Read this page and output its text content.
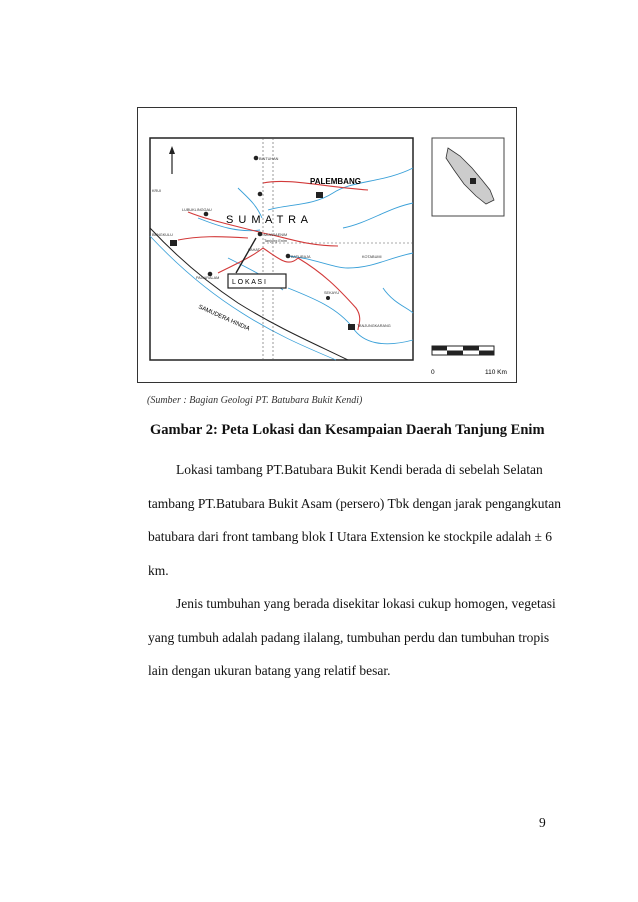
PALEMBANG
S U M A T R A
SAMUDERA HINDIA
L O K A S I
BINTUHAN
LUBUKLINGGAU
BENGKULU	MUARAENIM
Tanjung Enim
LAHAT
BATURAJA
PAGARALAM
SEKAYU
TANJUNGKARANG
KRUI
KOTABUMI
0	110 Km
(Sumber : Bagian Geologi PT. Batubara Bukit Kendi)
Gambar 2: Peta Lokasi dan Kesampaian Daerah Tanjung Enim
Lokasi tambang PT.Batubara Bukit Kendi berada di sebelah Selatan
tambang PT.Batubara Bukit Asam (persero) Tbk dengan jarak pengangkutan
batubara dari front tambang blok I Utara Extension ke stockpile adalah ± 6
km.
Jenis tumbuhan yang berada disekitar lokasi cukup homogen, vegetasi
yang tumbuh adalah padang ilalang, tumbuhan perdu dan tumbuhan tropis
lain dengan ukuran batang yang relatif besar.
9
